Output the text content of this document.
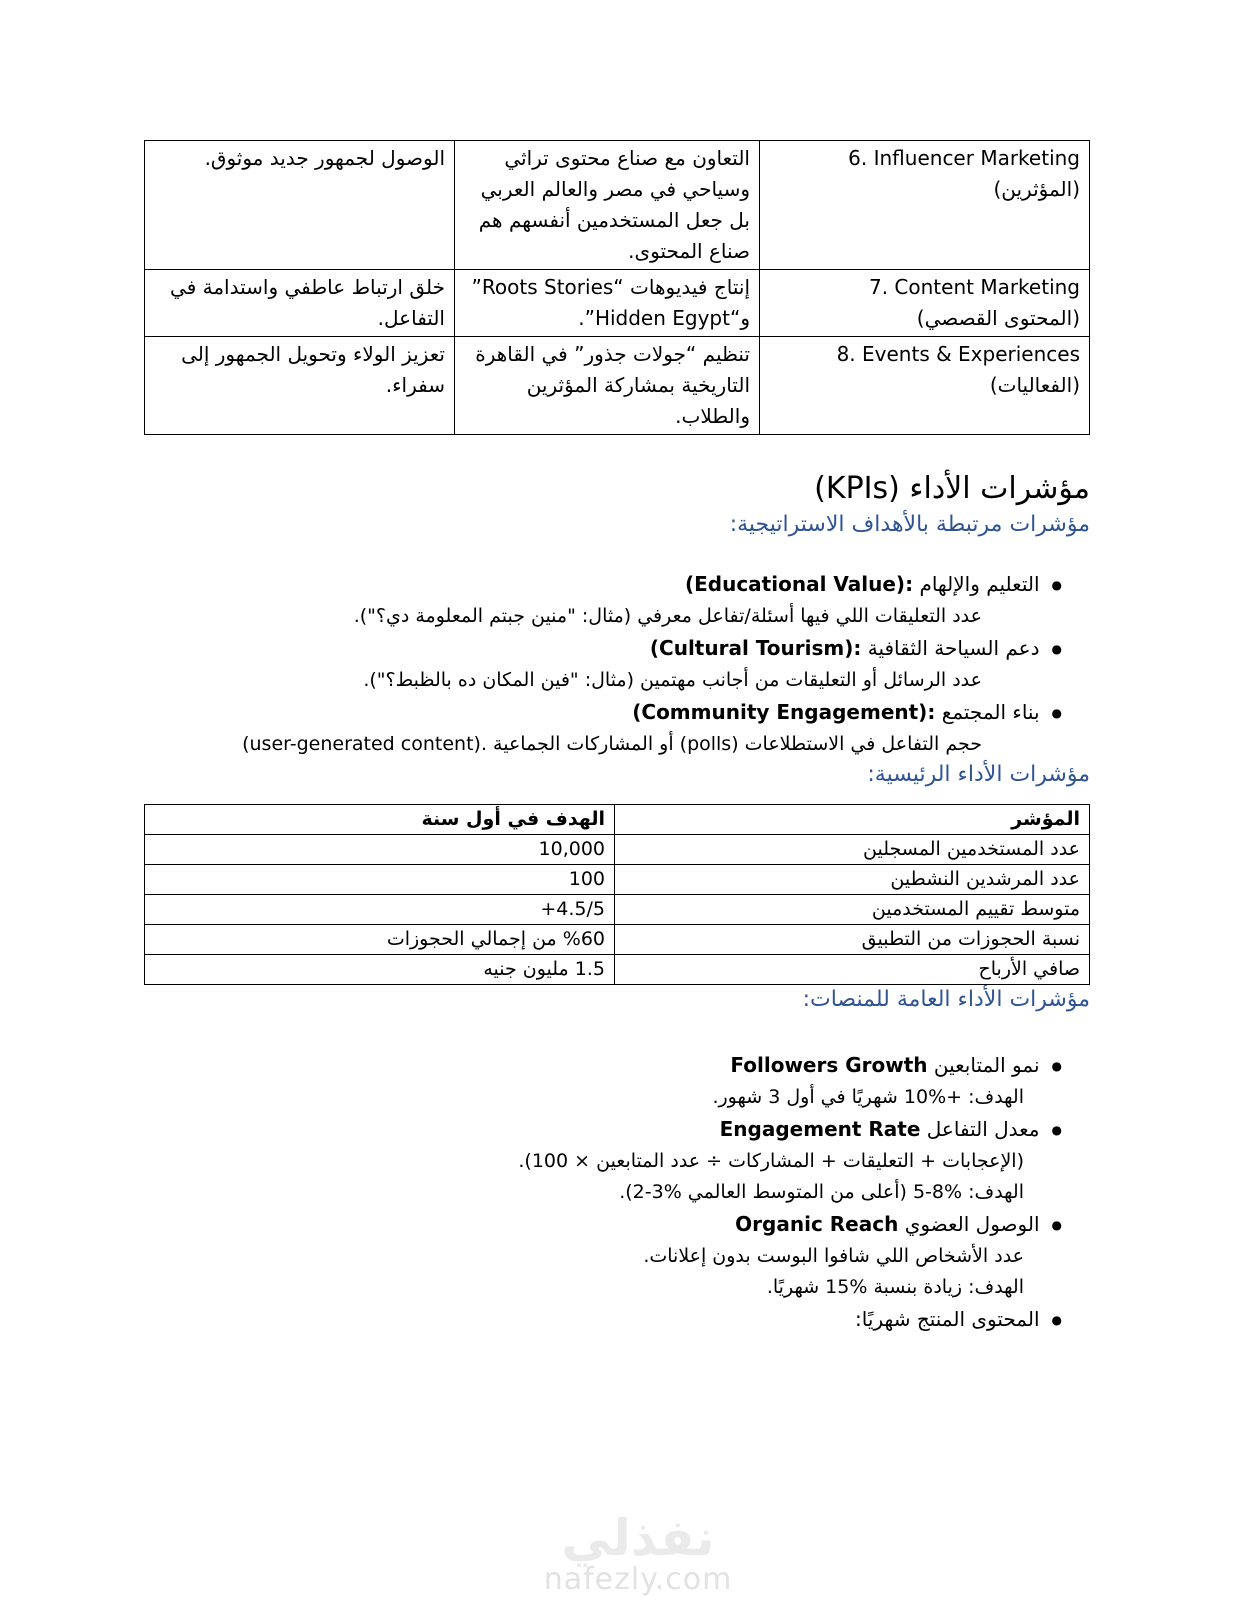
6. Influencer Marketing
(المؤثرين)	التعاون مع صناع محتوى تراثي وسياحي في مصر والعالم العربي بل جعل المستخدمين أنفسهم هم صناع المحتوى.	الوصول لجمهور جديد موثوق.

7. Content Marketing
(المحتوى القصصي)	إنتاج فيديوهات “Roots Stories” و“Hidden Egypt”.	خلق ارتباط عاطفي واستدامة في التفاعل.

8. Events & Experiences
(الفعاليات)	تنظيم “جولات جذور” في القاهرة التاريخية بمشاركة المؤثرين والطلاب.	تعزيز الولاء وتحويل الجمهور إلى سفراء.
مؤشرات الأداء (KPIs)
مؤشرات مرتبطة بالأهداف الاستراتيجية:
●التعليم والإلهام (Educational Value):
عدد التعليقات اللي فيها أسئلة/تفاعل معرفي (مثال: "منين جبتم المعلومة دي؟").
●دعم السياحة الثقافية (Cultural Tourism):
عدد الرسائل أو التعليقات من أجانب مهتمين (مثال: "فين المكان ده بالظبط؟").
●بناء المجتمع (Community Engagement):
حجم التفاعل في الاستطلاعات (polls) أو المشاركات الجماعية .(user-generated content)
مؤشرات الأداء الرئيسية:
المؤشر	الهدف في أول سنة
عدد المستخدمين المسجلين	10,000
عدد المرشدين النشطين	100
متوسط تقييم المستخدمين	4.5/5+
نسبة الحجوزات من التطبيق	%60 من إجمالي الحجوزات
صافي الأرباح	1.5 مليون جنيه
مؤشرات الأداء العامة للمنصات:
●نمو المتابعين Followers Growth
الهدف: +%10 شهريًا في أول 3 شهور.
●معدل التفاعل Engagement Rate
(الإعجابات + التعليقات + المشاركات ÷ عدد المتابعين × 100).
الهدف: %8-5 (أعلى من المتوسط العالمي %3-2).
●الوصول العضوي Organic Reach
عدد الأشخاص اللي شافوا البوست بدون إعلانات.
الهدف: زيادة بنسبة %15 شهريًا.
●المحتوى المنتج شهريًا:
نفذلي
nafezly.com
